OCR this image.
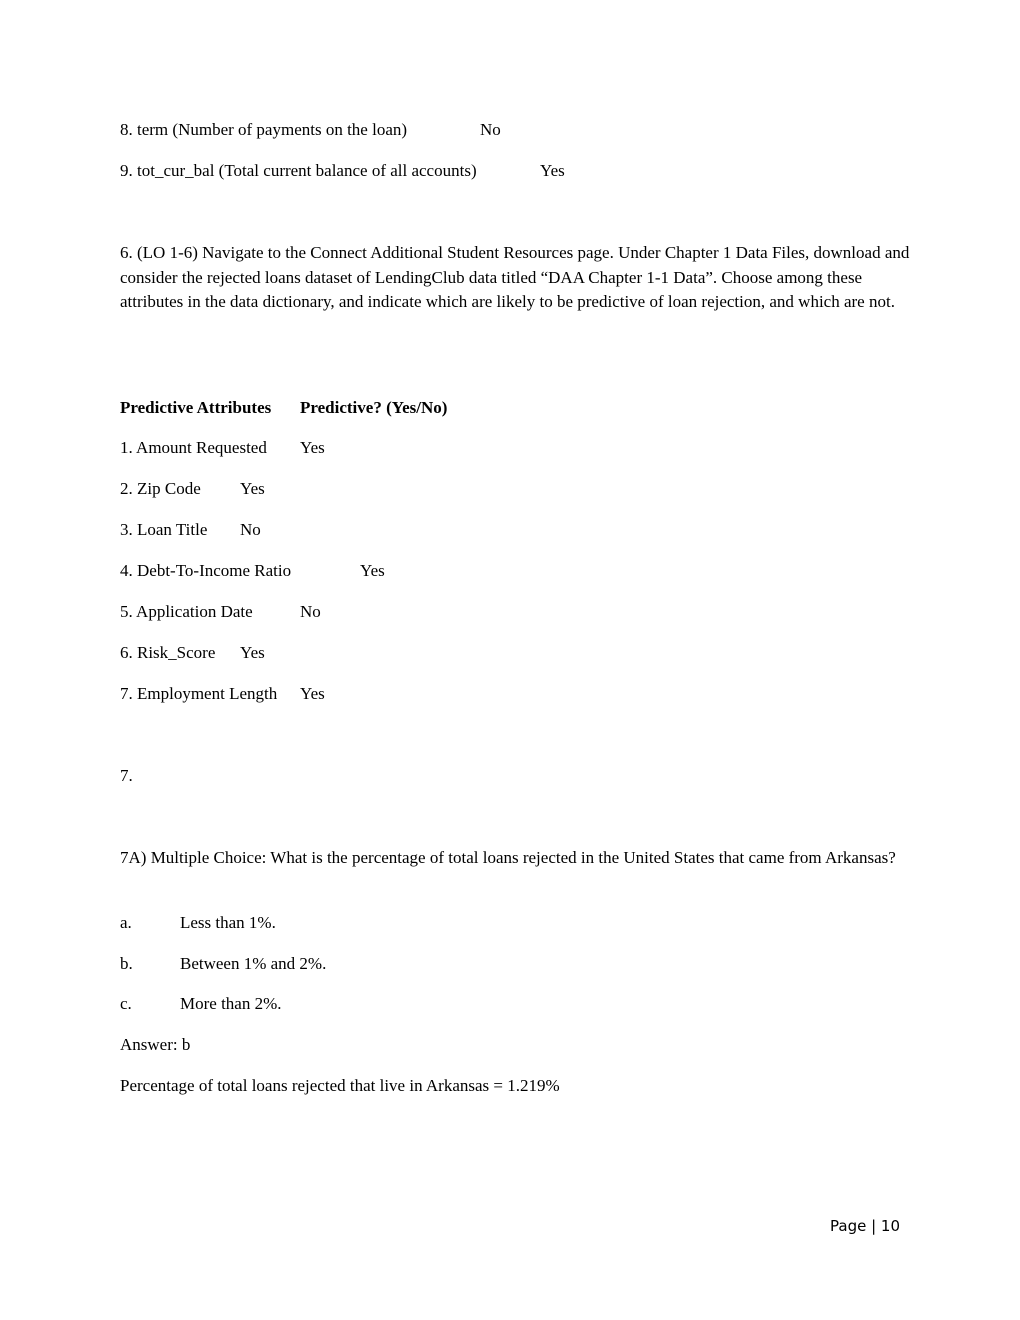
8. term (Number of payments on the loan)	No
9. tot_cur_bal (Total current balance of all accounts)	Yes
6. (LO 1-6) Navigate to the Connect Additional Student Resources page. Under Chapter 1 Data Files, download and consider the rejected loans dataset of LendingClub data titled “DAA Chapter 1-1 Data”. Choose among these attributes in the data dictionary, and indicate which are likely to be predictive of loan rejection, and which are not.
Predictive Attributes Predictive? (Yes/No)
1. Amount Requested Yes
2. Zip Code Yes
3. Loan Title No
4. Debt-To-Income Ratio	Yes
5. Application Date	No
6. Risk_Score Yes
7. Employment Length Yes
7.
7A) Multiple Choice: What is the percentage of total loans rejected in the United States that came from Arkansas?
a.	Less than 1%.
b.	Between 1% and 2%.
c.	More than 2%.
Answer: b
Percentage of total loans rejected that live in Arkansas = 1.219%
Page | 10
